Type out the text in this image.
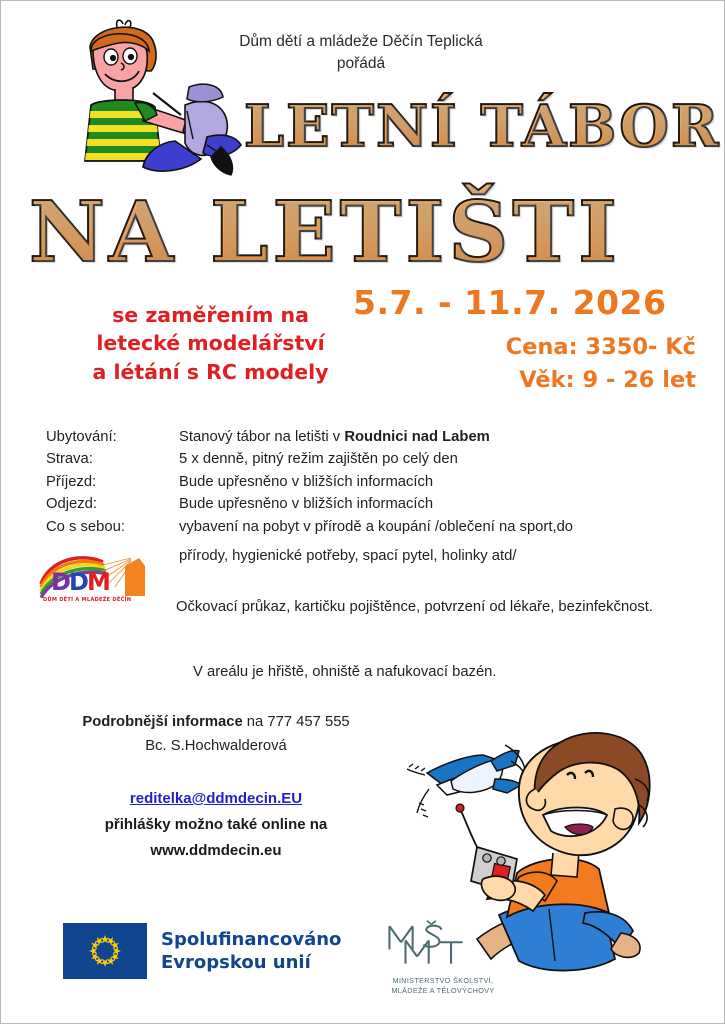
Dům dětí a mládeže Děčín Teplická
pořádá
LETNÍ TÁBOR
NA LETIŠTI
se zaměřením na
letecké modelářství
a létání s RC modely
5.7. - 11.7. 2026
Cena: 3350- Kč
Věk: 9 - 26 let
Ubytování:	Stanový tábor na letišti v Roudnici nad Labem
Strava:	5 x denně, pitný režim zajištěn po celý den
Příjezd:	Bude upřesněno v bližších informacích
Odjezd:	Bude upřesněno v bližších informacích
Co s sebou:	vybavení na pobyt v přírodě a koupání /oblečení na sport,do
přírody, hygienické potřeby, spací pytel, holinky atd/
Očkovací průkaz, kartičku pojištěnce, potvrzení od lékaře, bezinfekčnost.
V areálu je hřiště, ohniště a nafukovací bazén.
D
D
M
DŮM DĚTÍ A MLÁDEŽE DĚČÍN
Podrobnější informace na 777 457 555
Bc. S.Hochwalderová
reditelka@ddmdecin.EU
přihlášky možno také online na
www.ddmdecin.eu
Spolufinancováno
Evropskou unií
MINISTERSTVO ŠKOLSTVÍ,
MLÁDEŽE A TĚLOVÝCHOVY
